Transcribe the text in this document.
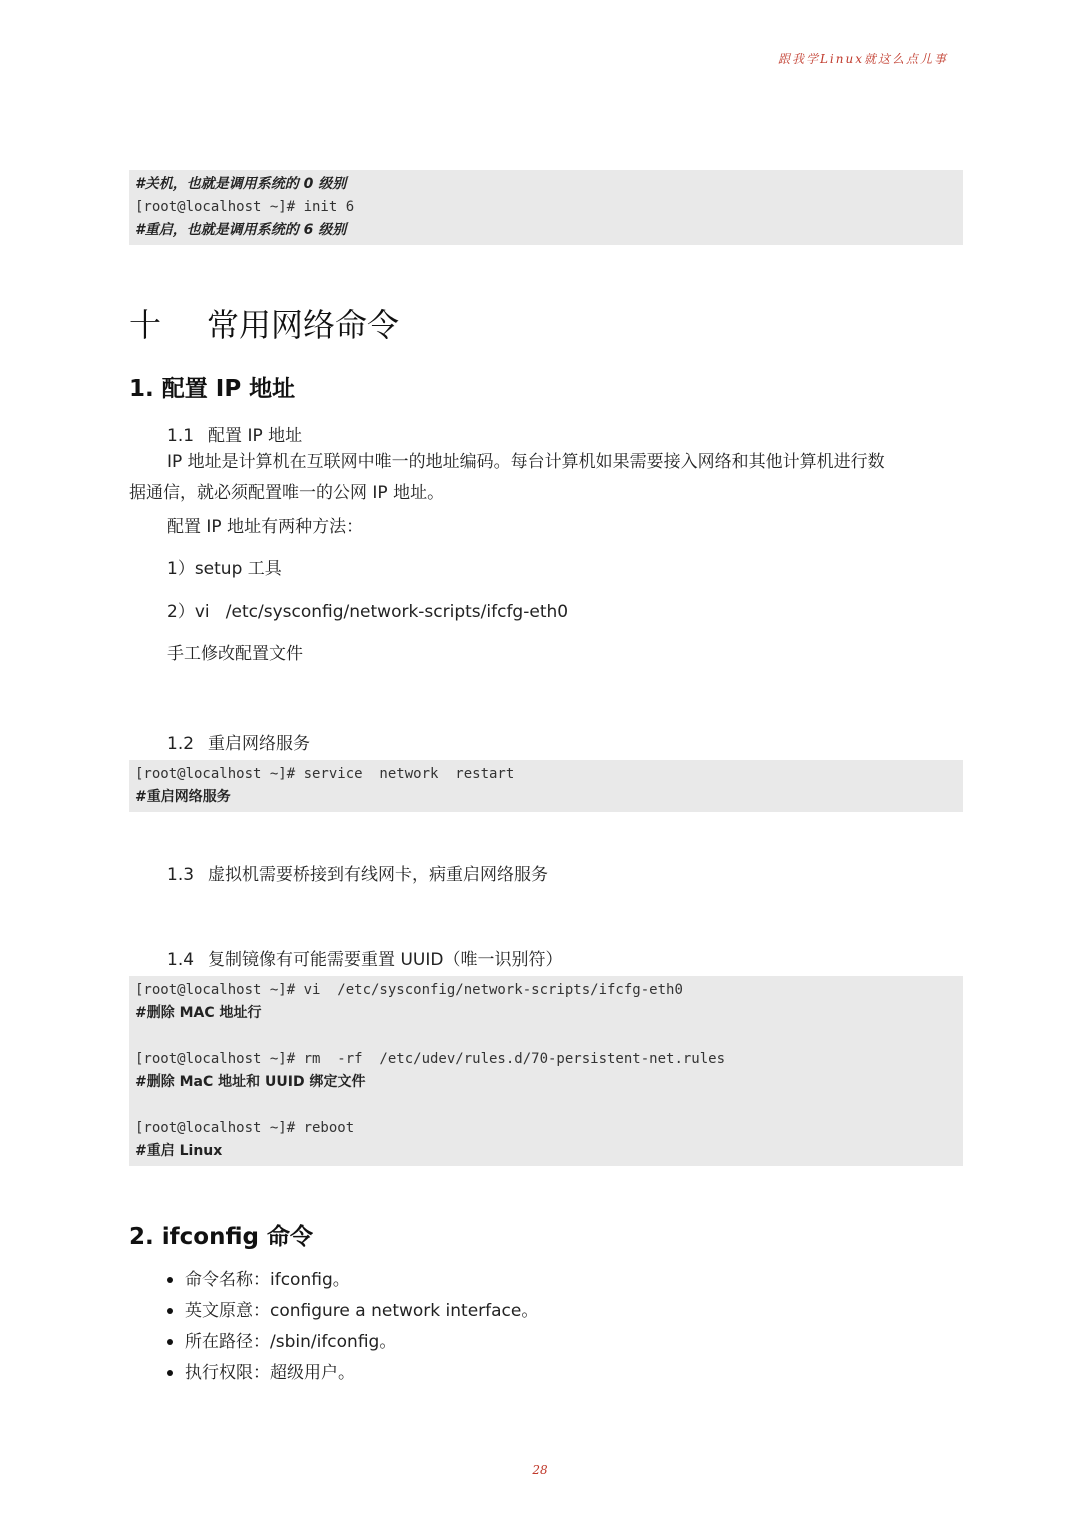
跟我学Linux就这么点儿事
#关机，也就是调用系统的 0 级别
[root@localhost ~]# init 6
#重启，也就是调用系统的 6 级别
十 常用网络命令
1. 配置 IP 地址
1.1 配置 IP 地址
IP 地址是计算机在互联网中唯一的地址编码。每台计算机如果需要接入网络和其他计算机进行数
据通信，就必须配置唯一的公网 IP 地址。
配置 IP 地址有两种方法：
1）setup 工具
2）vi   /etc/sysconfig/network-scripts/ifcfg-eth0
手工修改配置文件
1.2 重启网络服务
[root@localhost ~]# service  network  restart
#重启网络服务
1.3 虚拟机需要桥接到有线网卡，病重启网络服务
1.4 复制镜像有可能需要重置 UUID（唯一识别符）
[root@localhost ~]# vi  /etc/sysconfig/network-scripts/ifcfg-eth0
#删除 MAC 地址行
[root@localhost ~]# rm  -rf  /etc/udev/rules.d/70-persistent-net.rules
#删除 MaC 地址和 UUID 绑定文件
[root@localhost ~]# reboot
#重启 Linux
2. ifconfig 命令
命令名称：ifconfig。
英文原意：configure a network interface。
所在路径：/sbin/ifconfig。
执行权限：超级用户。
28
